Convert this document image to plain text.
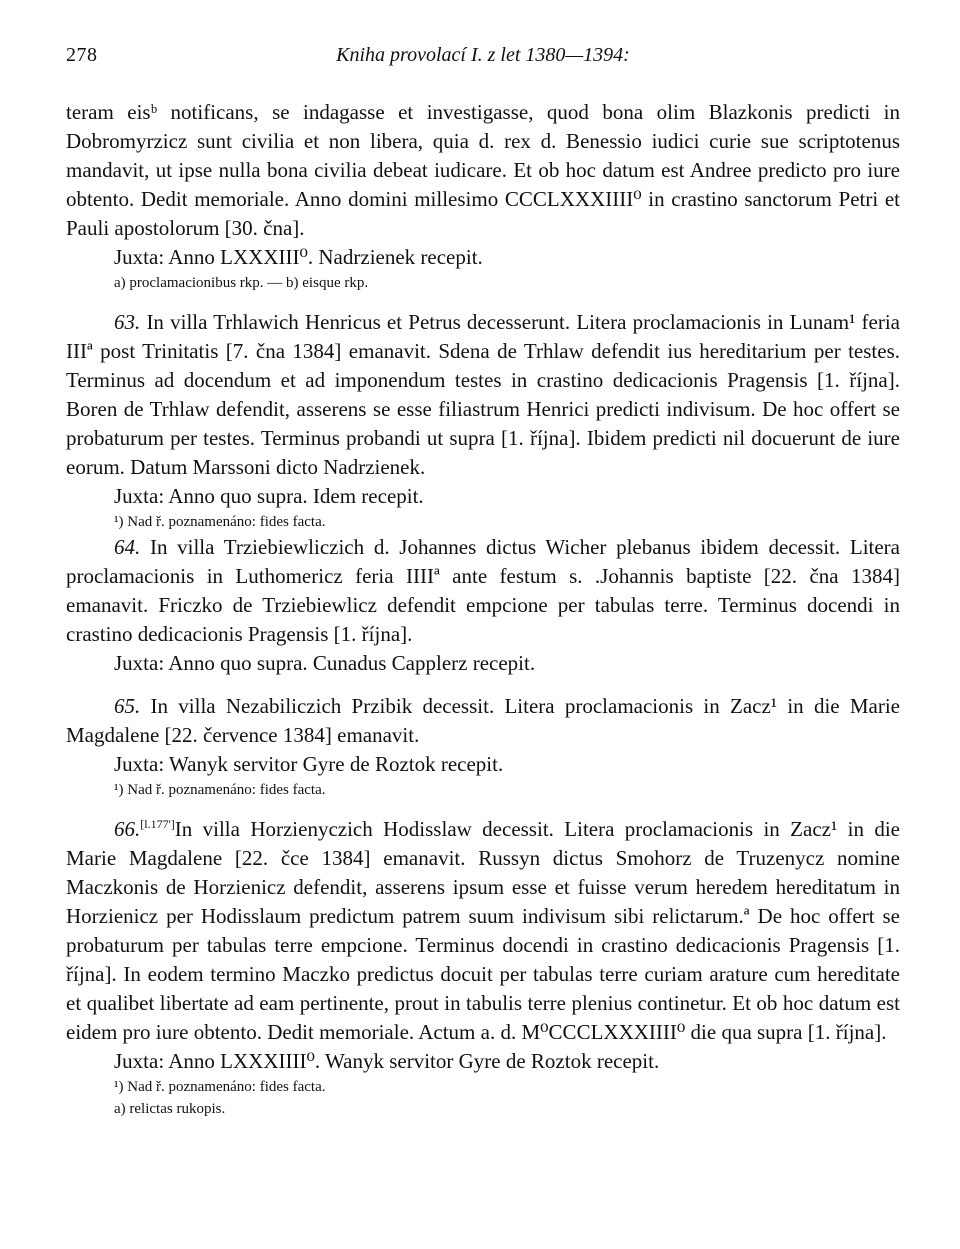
278	Kniha provolací I. z let 1380—1394:

teram eisᵇ notificans, se indagasse et investigasse, quod bona olim Blazkonis predicti in Dobromyrzicz sunt civilia et non libera, quia d. rex d. Benessio iudici curie sue scriptotenus mandavit, ut ipse nulla bona civilia debeat iudicare. Et ob hoc datum est Andree predicto pro iure obtento. Dedit memoriale. Anno domini millesimo CCCLXXXIIII⁰ in crastino sanctorum Petri et Pauli apostolorum [30. čna].

Juxta: Anno LXXXIII⁰. Nadrzienek recepit.

a) proclamacionibus rkp. — b) eisque rkp.

63. In villa Trhlawich Henricus et Petrus decesserunt. Litera proclamacionis in Lunam¹ feria IIIª post Trinitatis [7. čna 1384] emanavit. Sdena de Trhlaw defendit ius hereditarium per testes. Terminus ad docendum et ad imponendum testes in crastino dedicacionis Pragensis [1. října]. Boren de Trhlaw defendit, asserens se esse filiastrum Henrici predicti indivisum. De hoc offert se probaturum per testes. Terminus probandi ut supra [1. října]. Ibidem predicti nil docuerunt de iure eorum. Datum Marssoni dicto Nadrzienek.

Juxta: Anno quo supra. Idem recepit.

¹) Nad ř. poznamenáno: fides facta.

64. In villa Trziebiewliczich d. Johannes dictus Wicher plebanus ibidem decessit. Litera proclamacionis in Luthomericz feria IIIIª ante festum s. .Johannis baptiste [22. čna 1384] emanavit. Friczko de Trziebiewlicz defendit empcione per tabulas terre. Terminus docendi in crastino dedicacionis Pragensis [1. října].

Juxta: Anno quo supra. Cunadus Capplerz recepit.

65. In villa Nezabiliczich Przibik decessit. Litera proclamacionis in Zacz¹ in die Marie Magdalene [22. července 1384] emanavit.

Juxta: Wanyk servitor Gyre de Roztok recepit.

¹) Nad ř. poznamenáno: fides facta.

66.[l.177']In villa Horzienyczich Hodisslaw decessit. Litera proclamacionis in Zacz¹ in die Marie Magdalene [22. čce 1384] emanavit. Russyn dictus Smohorz de Truzenycz nomine Maczkonis de Horzienicz defendit, asserens ipsum esse et fuisse verum heredem hereditatum in Horzienicz per Hodisslaum predictum patrem suum indivisum sibi relictarum.ª De hoc offert se probaturum per tabulas terre empcione. Terminus docendi in crastino dedicacionis Pragensis [1. října]. In eodem termino Maczko predictus docuit per tabulas terre curiam arature cum hereditate et qualibet libertate ad eam pertinente, prout in tabulis terre plenius continetur. Et ob hoc datum est eidem pro iure obtento. Dedit memoriale. Actum a. d. M⁰CCCLXXXIIII⁰ die qua supra [1. října].

Juxta: Anno LXXXIIII⁰. Wanyk servitor Gyre de Roztok recepit.

¹) Nad ř. poznamenáno: fides facta.

a) relictas rukopis.
